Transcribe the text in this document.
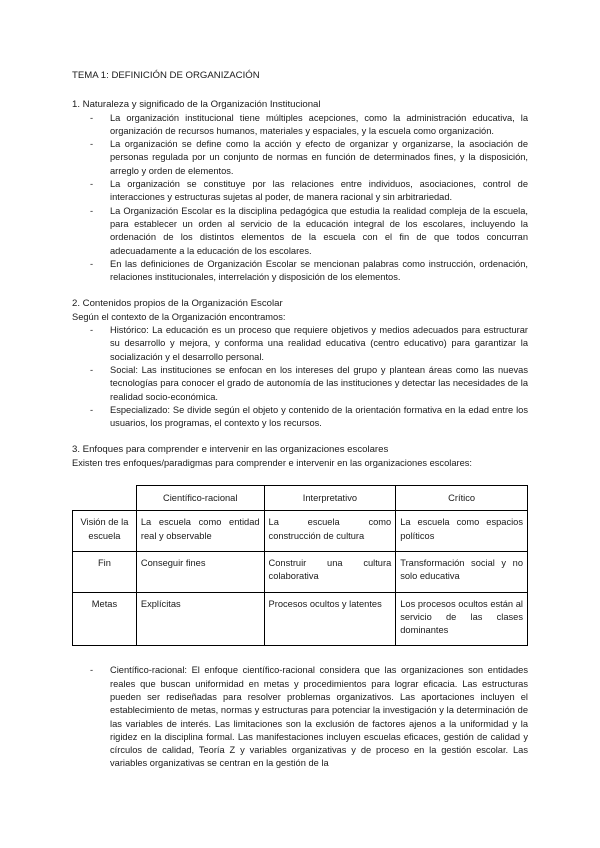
TEMA 1: DEFINICIÓN DE ORGANIZACIÓN
1. Naturaleza y significado de la Organización Institucional
- La organización institucional tiene múltiples acepciones, como la administración educativa, la organización de recursos humanos, materiales y espaciales, y la escuela como organización.
- La organización se define como la acción y efecto de organizar y organizarse, la asociación de personas regulada por un conjunto de normas en función de determinados fines, y la disposición, arreglo y orden de elementos.
- La organización se constituye por las relaciones entre individuos, asociaciones, control de interacciones y estructuras sujetas al poder, de manera racional y sin arbitrariedad.
- La Organización Escolar es la disciplina pedagógica que estudia la realidad compleja de la escuela, para establecer un orden al servicio de la educación integral de los escolares, incluyendo la ordenación de los distintos elementos de la escuela con el fin de que todos concurran adecuadamente a la educación de los escolares.
- En las definiciones de Organización Escolar se mencionan palabras como instrucción, ordenación, relaciones institucionales, interrelación y disposición de los elementos.
2. Contenidos propios de la Organización Escolar
Según el contexto de la Organización encontramos:
- Histórico: La educación es un proceso que requiere objetivos y medios adecuados para estructurar su desarrollo y mejora, y conforma una realidad educativa (centro educativo) para garantizar la socialización y el desarrollo personal.
- Social: Las instituciones se enfocan en los intereses del grupo y plantean áreas como las nuevas tecnologías para conocer el grado de autonomía de las instituciones y detectar las necesidades de la realidad socio-económica.
- Especializado: Se divide según el objeto y contenido de la orientación formativa en la edad entre los usuarios, los programas, el contexto y los recursos.
3. Enfoques para comprender e intervenir en las organizaciones escolares
Existen tres enfoques/paradigmas para comprender e intervenir en las organizaciones escolares:
	Científico-racional	Interpretativo	Crítico
Visión de la escuela	La escuela como entidad real y observable	La escuela como construcción de cultura	La escuela como espacios políticos
Fin	Conseguir fines	Construir una cultura colaborativa	Transformación social y no solo educativa
Metas	Explícitas	Procesos ocultos y latentes	Los procesos ocultos están al servicio de las clases dominantes
- Científico-racional: El enfoque científico-racional considera que las organizaciones son entidades reales que buscan uniformidad en metas y procedimientos para lograr eficacia. Las estructuras pueden ser rediseñadas para resolver problemas organizativos. Las aportaciones incluyen el establecimiento de metas, normas y estructuras para potenciar la investigación y la determinación de las variables de interés. Las limitaciones son la exclusión de factores ajenos a la uniformidad y la rigidez en la disciplina formal. Las manifestaciones incluyen escuelas eficaces, gestión de calidad y círculos de calidad, Teoría Z y variables organizativas y de proceso en la gestión escolar. Las variables organizativas se centran en la gestión de la
